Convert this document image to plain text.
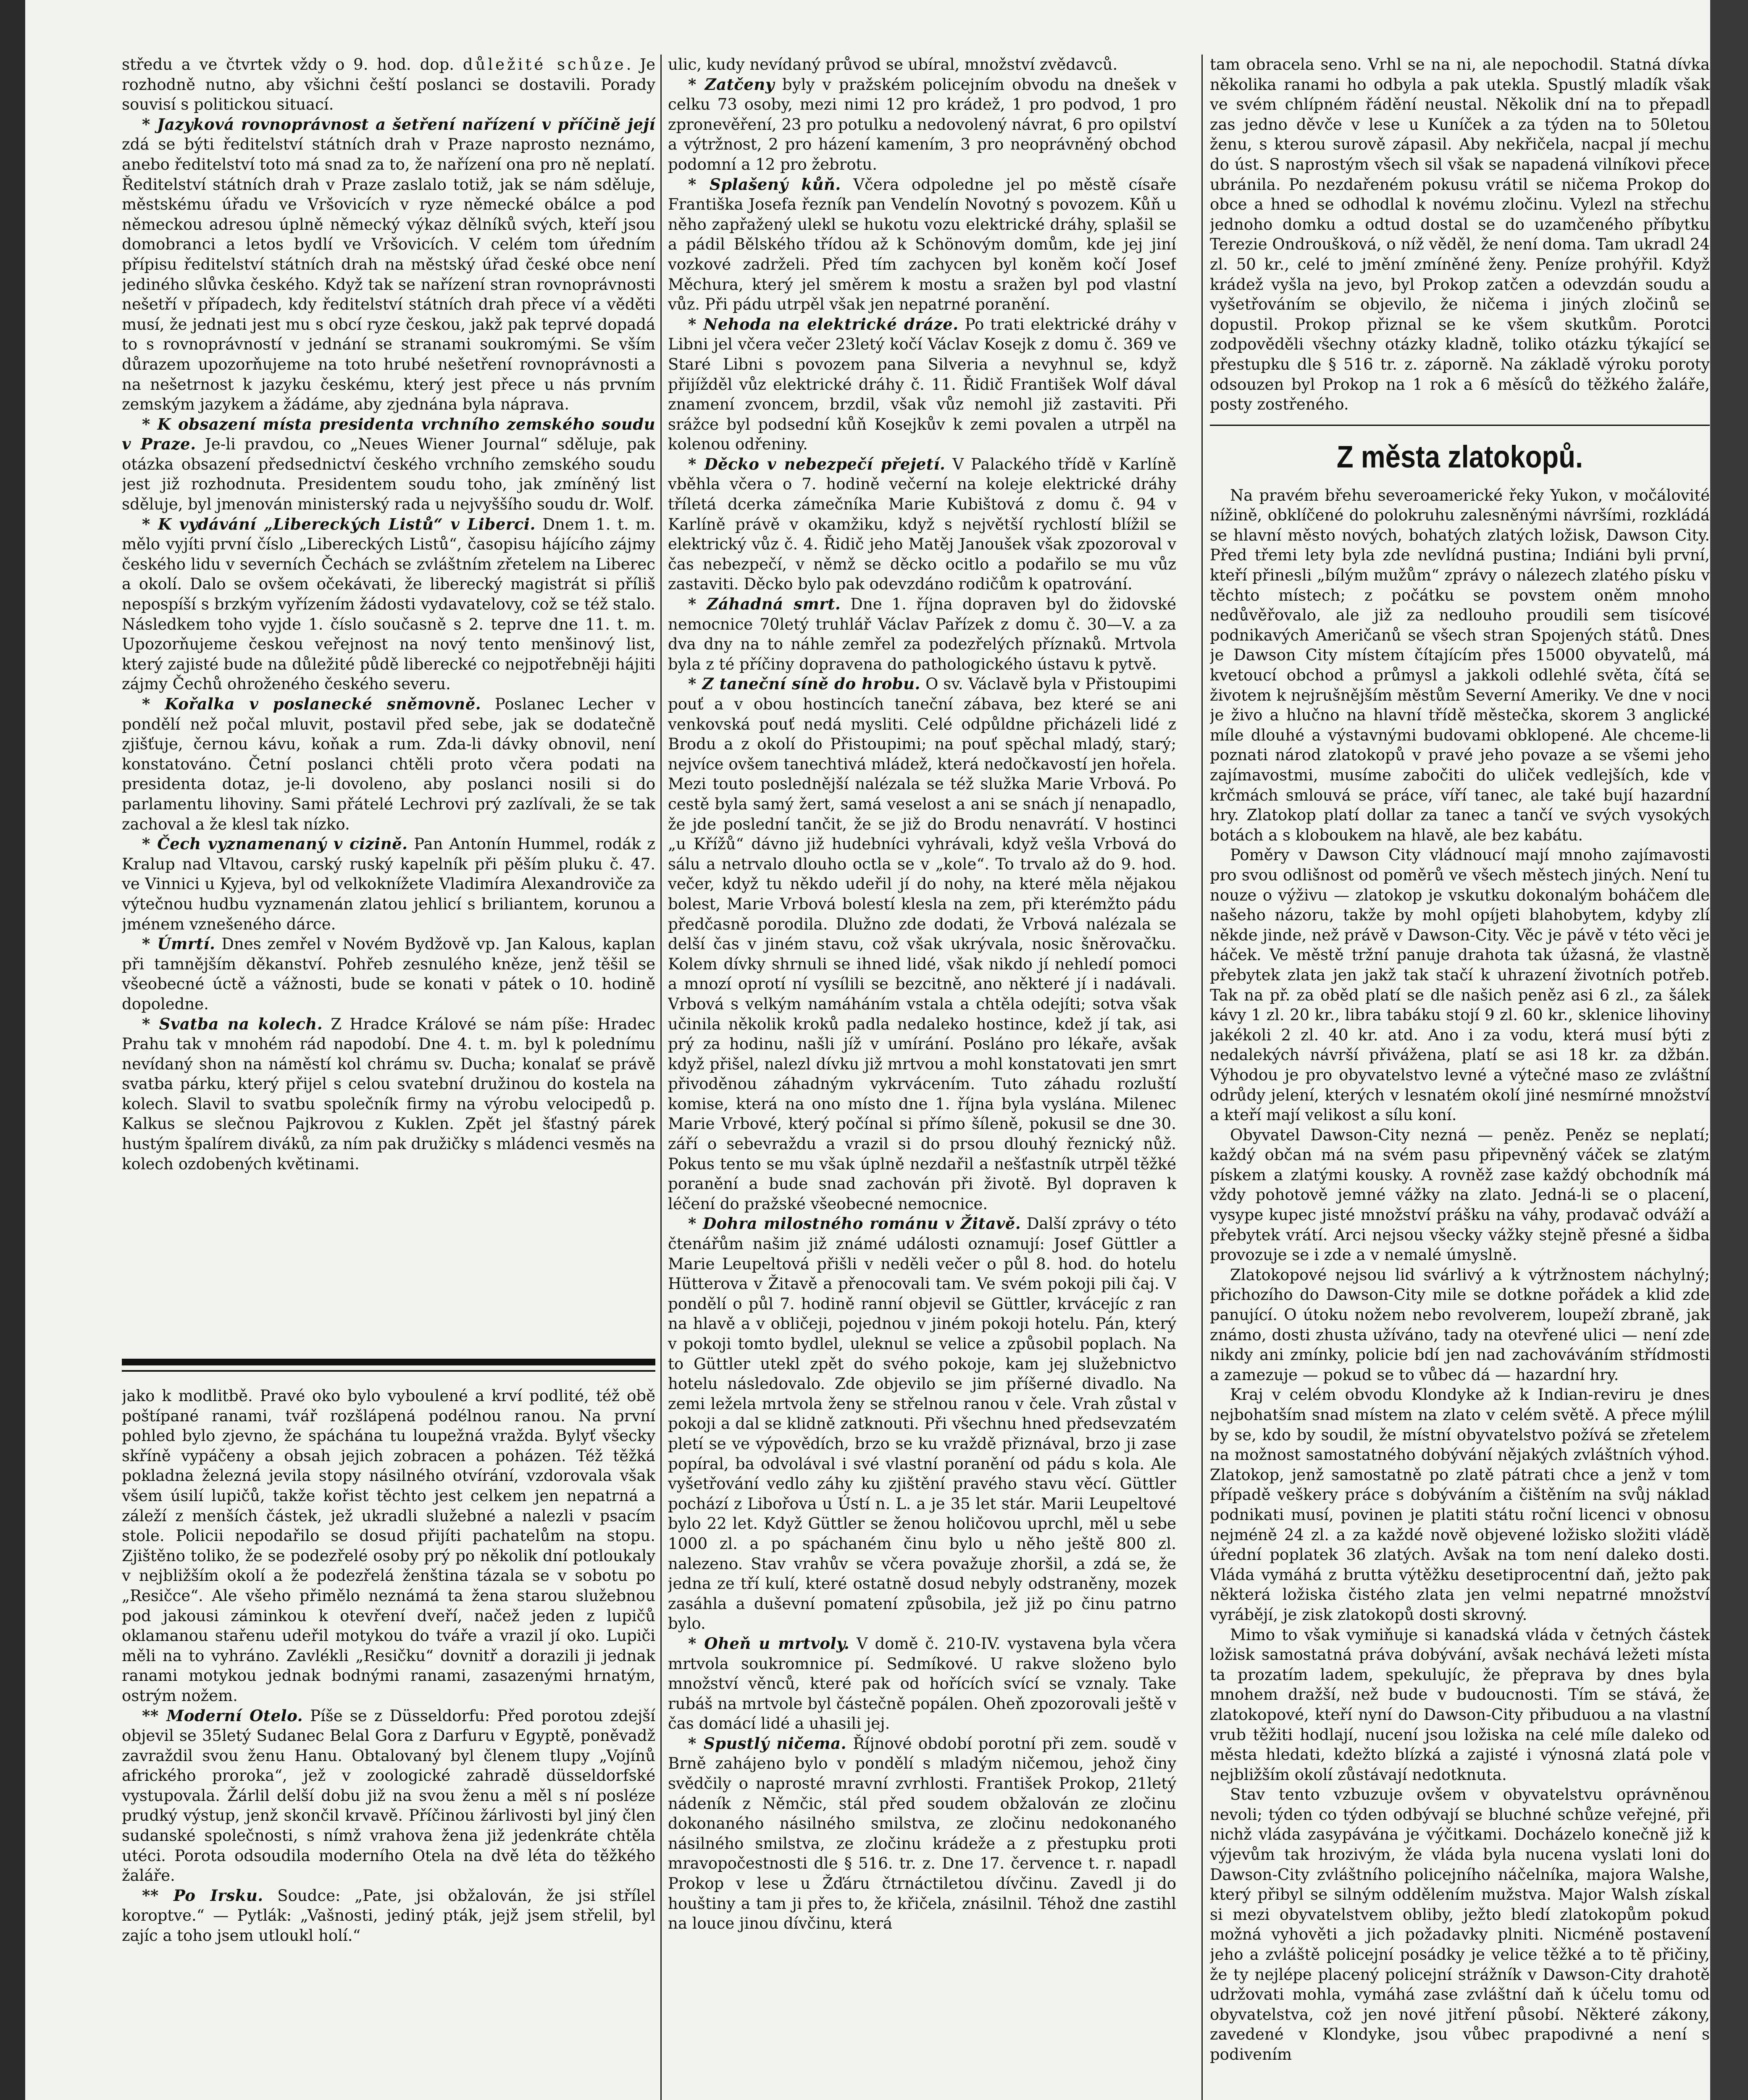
středu a ve čtvrtek vždy o 9. hod. dop. důležité schůze. Je rozhodně nutno, aby všichni čeští poslanci se dostavili. Porady souvisí s politickou situací.

* Jazyková rovnoprávnost a šetření nařízení v příčině její zdá se býti ředitelství státních drah v Praze naprosto neznámo, anebo ředitelství toto má snad za to, že nařízení ona pro ně neplatí. Ředitelství státních drah v Praze zaslalo totiž, jak se nám sděluje, městskému úřadu ve Vršovicích v ryze německé obálce a pod německou adresou úplně německý výkaz dělníků svých, kteří jsou domobranci a letos bydlí ve Vršovicích. V celém tom úředním přípisu ředitelství státních drah na městský úřad české obce není jediného slůvka českého. Když tak se nařízení stran rovnoprávnosti nešetří v případech, kdy ředitelství státních drah přece ví a věděti musí, že jednati jest mu s obcí ryze českou, jakž pak teprvé dopadá to s rovnoprávností v jednání se stranami soukromými. Se vším důrazem upozorňujeme na toto hrubé nešetření rovnoprávnosti a na nešetrnost k jazyku českému, který jest přece u nás prvním zemským jazykem a žádáme, aby zjednána byla náprava.

* K obsazení místa presidenta vrchního zemského soudu v Praze. Je-li pravdou, co „Neues Wiener Journal“ sděluje, pak otázka obsazení předsednictví českého vrchního zemského soudu jest již rozhodnuta. Presidentem soudu toho, jak zmíněný list sděluje, byl jmenován ministerský rada u nejvyššího soudu dr. Wolf.

* K vydávání „Libereckých Listů“ v Liberci. Dnem 1. t. m. mělo vyjíti první číslo „Libereckých Listů“, časopisu hájícího zájmy českého lidu v severních Čechách se zvláštním zřetelem na Liberec a okolí. Dalo se ovšem očekávati, že liberecký magistrát si příliš nepospíší s brzkým vyřízením žádosti vydavatelovy, což se též stalo. Následkem toho vyjde 1. číslo současně s 2. teprve dne 11. t. m. Upozorňujeme českou veřejnost na nový tento menšinový list, který zajisté bude na důležité půdě liberecké co nejpotřebněji hájiti zájmy Čechů ohroženého českého severu.

* Kořalka v poslanecké sněmovně. Poslanec Lecher v pondělí než počal mluvit, postavil před sebe, jak se dodatečně zjišťuje, černou kávu, koňak a rum. Zda-li dávky obnovil, není konstatováno. Četní poslanci chtěli proto včera podati na presidenta dotaz, je-li dovoleno, aby poslanci nosili si do parlamentu lihoviny. Sami přátelé Lechrovi prý zazlívali, že se tak zachoval a že klesl tak nízko.

* Čech vyznamenaný v cizině. Pan Antonín Hummel, rodák z Kralup nad Vltavou, carský ruský kapelník při pěším pluku č. 47. ve Vinnici u Kyjeva, byl od velkoknížete Vladimíra Alexandroviče za výtečnou hudbu vyznamenán zlatou jehlicí s briliantem, korunou a jménem vznešeného dárce.

* Úmrtí. Dnes zemřel v Novém Bydžově vp. Jan Kalous, kaplan při tamnějším děkanství. Pohřeb zesnulého kněze, jenž těšil se všeobecné úctě a vážnosti, bude se konati v pátek o 10. hodině dopoledne.

* Svatba na kolech. Z Hradce Králové se nám píše: Hradec Prahu tak v mnohém rád napodobí. Dne 4. t. m. byl k polednímu nevídaný shon na náměstí kol chrámu sv. Ducha; konalať se právě svatba párku, který přijel s celou svatební družinou do kostela na kolech. Slavil to svatbu společník firmy na výrobu velocipedů p. Kalkus se slečnou Pajkrovou z Kuklen. Zpět jel šťastný párek hustým špalírem diváků, za ním pak družičky s mládenci vesměs na kolech ozdobených květinami.

jako k modlitbě. Pravé oko bylo vyboulené a krví podlité, též obě poštípané ranami, tvář rozšlápená podélnou ranou. Na první pohled bylo zjevno, že spáchána tu loupežná vražda. Bylyť všecky skříně vypáčeny a obsah jejich zobracen a poházen. Též těžká pokladna železná jevila stopy násilného otvírání, vzdorovala však všem úsilí lupičů, takže kořist těchto jest celkem jen nepatrná a záleží z menších částek, jež ukradli služebné a nalezli v psacím stole. Policii nepodařilo se dosud přijíti pachatelům na stopu. Zjištěno toliko, že se podezřelé osoby prý po několik dní potloukaly v nejbližším okolí a že podezřelá ženština tázala se v sobotu po „Resičce“. Ale všeho přimělo neznámá ta žena starou služebnou pod jakousi záminkou k otevření dveří, načež jeden z lupičů oklamanou stařenu udeřil motykou do tváře a vrazil jí oko. Lupiči měli na to vyhráno. Zavlékli „Resičku“ dovnitř a dorazili ji jednak ranami motykou jednak bodnými ranami, zasazenými hrnatým, ostrým nožem.

** Moderní Otelo. Píše se z Düsseldorfu: Před porotou zdejší objevil se 35letý Sudanec Belal Gora z Darfuru v Egyptě, poněvadž zavraždil svou ženu Hanu. Obtalovaný byl členem tlupy „Vojínů afrického proroka“, jež v zoologické zahradě düsseldorfské vystupovala. Žárlil delší dobu již na svou ženu a měl s ní posléze prudký výstup, jenž skončil krvavě. Příčinou žárlivosti byl jiný člen sudanské společnosti, s nímž vrahova žena již jedenkráte chtěla utéci. Porota odsoudila moderního Otela na dvě léta do těžkého žaláře.

** Po Irsku. Soudce: „Pate, jsi obžalován, že jsi střílel koroptve.“ — Pytlák: „Vašnosti, jediný pták, jejž jsem střelil, byl zajíc a toho jsem utloukl holí.“

ulic, kudy nevídaný průvod se ubíral, množství zvědavců.

* Zatčeny byly v pražském policejním obvodu na dnešek v celku 73 osoby, mezi nimi 12 pro krádež, 1 pro podvod, 1 pro zpronevěření, 23 pro potulku a nedovolený návrat, 6 pro opilství a výtržnost, 2 pro házení kamením, 3 pro neoprávněný obchod podomní a 12 pro žebrotu.

* Splašený kůň. Včera odpoledne jel po městě císaře Františka Josefa řezník pan Vendelín Novotný s povozem. Kůň u něho zapřažený ulekl se hukotu vozu elektrické dráhy, splašil se a pádil Bělského třídou až k Schönovým domům, kde jej jiní vozkové zadrželi. Před tím zachycen byl koněm kočí Josef Měchura, který jel směrem k mostu a sražen byl pod vlastní vůz. Při pádu utrpěl však jen nepatrné poranění.

* Nehoda na elektrické dráze. Po trati elektrické dráhy v Libni jel včera večer 23letý kočí Václav Kosejk z domu č. 369 ve Staré Libni s povozem pana Silveria a nevyhnul se, když přijížděl vůz elektrické dráhy č. 11. Řidič František Wolf dával znamení zvoncem, brzdil, však vůz nemohl již zastaviti. Při srážce byl podsední kůň Kosejkův k zemi povalen a utrpěl na kolenou odřeniny.

* Děcko v nebezpečí přejetí. V Palackého třídě v Karlíně vběhla včera o 7. hodině večerní na koleje elektrické dráhy tříletá dcerka zámečníka Marie Kubištová z domu č. 94 v Karlíně právě v okamžiku, když s největší rychlostí blížil se elektrický vůz č. 4. Řidič jeho Matěj Janoušek však zpozoroval v čas nebezpečí, v němž se děcko ocitlo a podařilo se mu vůz zastaviti. Děcko bylo pak odevzdáno rodičům k opatrování.

* Záhadná smrt. Dne 1. října dopraven byl do židovské nemocnice 70letý truhlář Václav Pařízek z domu č. 30—V. a za dva dny na to náhle zemřel za podezřelých příznaků. Mrtvola byla z té příčiny dopravena do pathologického ústavu k pytvě.

* Z taneční síně do hrobu. O sv. Václavě byla v Přistoupimi pouť a v obou hostincích taneční zábava, bez které se ani venkovská pouť nedá mysliti. Celé odpůldne přicházeli lidé z Brodu a z okolí do Přistoupimi; na pouť spěchal mladý, starý; nejvíce ovšem tanechtivá mládež, která nedočkavostí jen hořela. Mezi touto poslednější nalézala se též služka Marie Vrbová. Po cestě byla samý žert, samá veselost a ani se snách jí nenapadlo, že jde poslední tančit, že se již do Brodu nenavrátí. V hostinci „u Křížů“ dávno již hudebníci vyhrávali, když vešla Vrbová do sálu a netrvalo dlouho octla se v „kole“. To trvalo až do 9. hod. večer, když tu někdo udeřil jí do nohy, na které měla nějakou bolest, Marie Vrbová bolestí klesla na zem, při kterémžto pádu předčasně porodila. Dlužno zde dodati, že Vrbová nalézala se delší čas v jiném stavu, což však ukrývala, nosic šněrovačku. Kolem dívky shrnuli se ihned lidé, však nikdo jí nehledí pomoci a mnozí oprotí ní vysílili se bezcitně, ano některé jí i nadávali. Vrbová s velkým namáháním vstala a chtěla odejíti; sotva však učinila několik kroků padla nedaleko hostince, kdež jí tak, asi prý za hodinu, našli jíž v umírání. Posláno pro lékaře, avšak když přišel, nalezl dívku již mrtvou a mohl konstatovati jen smrt přivoděnou záhadným vykrvácením. Tuto záhadu rozluští komise, která na ono místo dne 1. října byla vyslána. Milenec Marie Vrbové, který počínal si přímo šíleně, pokusil se dne 30. září o sebevraždu a vrazil si do prsou dlouhý řeznický nůž. Pokus tento se mu však úplně nezdařil a nešťastník utrpěl těžké poranění a bude snad zachován při životě. Byl dopraven k léčení do pražské všeobecné nemocnice.

* Dohra milostného románu v Žitavě. Další zprávy o této čtenářům našim již známé události oznamují: Josef Güttler a Marie Leupeltová přišli v neděli večer o půl 8. hod. do hotelu Hütterova v Žitavě a přenocovali tam. Ve svém pokoji pili čaj. V pondělí o půl 7. hodině ranní objevil se Güttler, krvácejíc z ran na hlavě a v obličeji, pojednou v jiném pokoji hotelu. Pán, který v pokoji tomto bydlel, uleknul se velice a způsobil poplach. Na to Güttler utekl zpět do svého pokoje, kam jej služebnictvo hotelu následovalo. Zde objevilo se jim příšerné divadlo. Na zemi ležela mrtvola ženy se střelnou ranou v čele. Vrah zůstal v pokoji a dal se klidně zatknouti. Při všechnu hned předsevzatém pletí se ve výpovědích, brzo se ku vraždě přiznával, brzo ji zase popíral, ba odvolával i své vlastní poranění od pádu s kola. Ale vyšetřování vedlo záhy ku zjištění pravého stavu věcí. Güttler pochází z Libořova u Ústí n. L. a je 35 let stár. Marii Leupeltové bylo 22 let. Když Güttler se ženou holičovou uprchl, měl u sebe 1000 zl. a po spáchaném činu bylo u něho ještě 800 zl. nalezeno. Stav vrahův se včera považuje zhoršil, a zdá se, že jedna ze tří kulí, které ostatně dosud nebyly odstraněny, mozek zasáhla a duševní pomatení způsobila, jež již po činu patrno bylo.

* Oheň u mrtvoly. V domě č. 210-IV. vystavena byla včera mrtvola soukromnice pí. Sedmíkové. U rakve složeno bylo množství věnců, které pak od hořících svící se vznaly. Take rubáš na mrtvole byl částečně popálen. Oheň zpozorovali ještě v čas domácí lidé a uhasili jej.

* Spustlý ničema. Říjnové období porotní při zem. soudě v Brně zahájeno bylo v pondělí s mladým ničemou, jehož činy svědčily o naprosté mravní zvrhlosti. František Prokop, 21letý nádeník z Němčic, stál před soudem obžalován ze zločinu dokonaného násilného smilstva, ze zločinu nedokonaného násilného smilstva, ze zločinu krádeže a z přestupku proti mravopočestnosti dle § 516. tr. z. Dne 17. července t. r. napadl Prokop v lese u Žďáru čtrnáctiletou dívčinu. Zavedl ji do houštiny a tam ji přes to, že křičela, znásilnil. Téhož dne zastihl na louce jinou dívčinu, která

tam obracela seno. Vrhl se na ni, ale nepochodil. Statná dívka několika ranami ho odbyla a pak utekla. Spustlý mladík však ve svém chlípném řádění neustal. Několik dní na to přepadl zas jedno děvče v lese u Kuníček a za týden na to 50letou ženu, s kterou surově zápasil. Aby nekřičela, nacpal jí mechu do úst. S naprostým všech sil však se napadená vilníkovi přece ubránila. Po nezdařeném pokusu vrátil se ničema Prokop do obce a hned se odhodlal k novému zločinu. Vylezl na střechu jednoho domku a odtud dostal se do uzamčeného příbytku Terezie Ondroušková, o níž věděl, že není doma. Tam ukradl 24 zl. 50 kr., celé to jmění zmíněné ženy. Peníze prohýřil. Když krádež vyšla na jevo, byl Prokop zatčen a odevzdán soudu a vyšetřováním se objevilo, že ničema i jiných zločinů se dopustil. Prokop přiznal se ke všem skutkům. Porotci zodpověděli všechny otázky kladně, toliko otázku týkající se přestupku dle § 516 tr. z. záporně. Na základě výroku poroty odsouzen byl Prokop na 1 rok a 6 měsíců do těžkého žaláře, posty zostřeného.

Z města zlatokopů.

Na pravém břehu severoamerické řeky Yukon, v močálovité nížině, obklíčené do polokruhu zalesněnými návršími, rozkládá se hlavní město nových, bohatých zlatých ložisk, Dawson City. Před třemi lety byla zde nevlídná pustina; Indiáni byli první, kteří přinesli „bílým mužům“ zprávy o nálezech zlatého písku v těchto místech; z počátku se povstem oněm mnoho nedůvěřovalo, ale již za nedlouho proudili sem tisícové podnikavých Američanů se všech stran Spojených států. Dnes je Dawson City místem čítajícím přes 15000 obyvatelů, má kvetoucí obchod a průmysl a jakkoli odlehlé světa, čítá se životem k nejrušnějším městům Severní Ameriky. Ve dne v noci je živo a hlučno na hlavní třídě městečka, skorem 3 anglické míle dlouhé a výstavnými budovami obklopené. Ale chceme-li poznati národ zlatokopů v pravé jeho povaze a se všemi jeho zajímavostmi, musíme zabočiti do uliček vedlejších, kde v krčmách smlouvá se práce, víří tanec, ale také bují hazardní hry. Zlatokop platí dollar za tanec a tančí ve svých vysokých botách a s kloboukem na hlavě, ale bez kabátu.

Poměry v Dawson City vládnoucí mají mnoho zajímavosti pro svou odlišnost od poměrů ve všech městech jiných. Není tu nouze o výživu — zlatokop je vskutku dokonalým boháčem dle našeho názoru, takže by mohl opíjeti blahobytem, kdyby zlí někde jinde, než právě v Dawson-City. Věc je pávě v této věci je háček. Ve městě tržní panuje drahota tak úžasná, že vlastně přebytek zlata jen jakž tak stačí k uhrazení životních potřeb. Tak na př. za oběd platí se dle našich peněz asi 6 zl., za šálek kávy 1 zl. 20 kr., libra tabáku stojí 9 zl. 60 kr., sklenice lihoviny jakékoli 2 zl. 40 kr. atd. Ano i za vodu, která musí býti z nedalekých návrší přivážena, platí se asi 18 kr. za džbán. Výhodou je pro obyvatelstvo levné a výtečné maso ze zvláštní odrůdy jelení, kterých v lesnatém okolí jiné nesmírné množství a kteří mají velikost a sílu koní.

Obyvatel Dawson-City nezná — peněz. Peněz se neplatí; každý občan má na svém pasu připevněný váček se zlatým pískem a zlatými kousky. A rovněž zase každý obchodník má vždy pohotově jemné vážky na zlato. Jedná-li se o placení, vysype kupec jisté množství prášku na váhy, prodavač odváží a přebytek vrátí. Arci nejsou všecky vážky stejně přesné a šidba provozuje se i zde a v nemalé úmyslně.

Zlatokopové nejsou lid svárlivý a k výtržnostem náchylný; přichozího do Dawson-City mile se dotkne pořádek a klid zde panující. O útoku nožem nebo revolverem, loupeží zbraně, jak známo, dosti zhusta užíváno, tady na otevřené ulici — není zde nikdy ani zmínky, policie bdí jen nad zachováváním střídmosti a zamezuje — pokud se to vůbec dá — hazardní hry.

Kraj v celém obvodu Klondyke až k Indian-reviru je dnes nejbohatším snad místem na zlato v celém světě. A přece mýlil by se, kdo by soudil, že místní obyvatelstvo požívá se zřetelem na možnost samostatného dobývání nějakých zvláštních výhod. Zlatokop, jenž samostatně po zlatě pátrati chce a jenž v tom případě veškery práce s dobýváním a čištěním na svůj náklad podnikati musí, povinen je platiti státu roční licenci v obnosu nejméně 24 zl. a za každé nově objevené ložisko složiti vládě úřední poplatek 36 zlatých. Avšak na tom není daleko dosti. Vláda vymáhá z brutta výtěžku desetiprocentní daň, ježto pak některá ložiska čistého zlata jen velmi nepatrné množství vyrábějí, je zisk zlatokopů dosti skrovný.

Mimo to však vymiňuje si kanadská vláda v četných částek ložisk samostatná práva dobývání, avšak nechává ležeti místa ta prozatím ladem, spekulujíc, že přeprava by dnes byla mnohem dražší, než bude v budoucnosti. Tím se stává, že zlatokopové, kteří nyní do Dawson-City přibuduou a na vlastní vrub těžiti hodlají, nucení jsou ložiska na celé míle daleko od města hledati, kdežto blízká a zajisté i výnosná zlatá pole v nejbližším okolí zůstávají nedotknuta.

Stav tento vzbuzuje ovšem v obyvatelstvu oprávněnou nevoli; týden co týden odbývají se bluchné schůze veřejné, při nichž vláda zasypávána je výčitkami. Docházelo konečně již k výjevům tak hrozivým, že vláda byla nucena vyslati loni do Dawson-City zvláštního policejního náčelníka, majora Walshe, který přibyl se silným oddělením mužstva. Major Walsh získal si mezi obyvatelstvem obliby, ježto bledí zlatokopům pokud možná vyhověti a jich požadavky plniti. Nicméně postavení jeho a zvláště policejní posádky je velice těžké a to tě přičiny, že ty nejlépe placený policejní strážník v Dawson-City drahotě udržovati mohla, vymáhá zase zvláštní daň k účelu tomu od obyvatelstva, což jen nové jitření působí. Některé zákony, zavedené v Klondyke, jsou vůbec prapodivné a není s podivením
